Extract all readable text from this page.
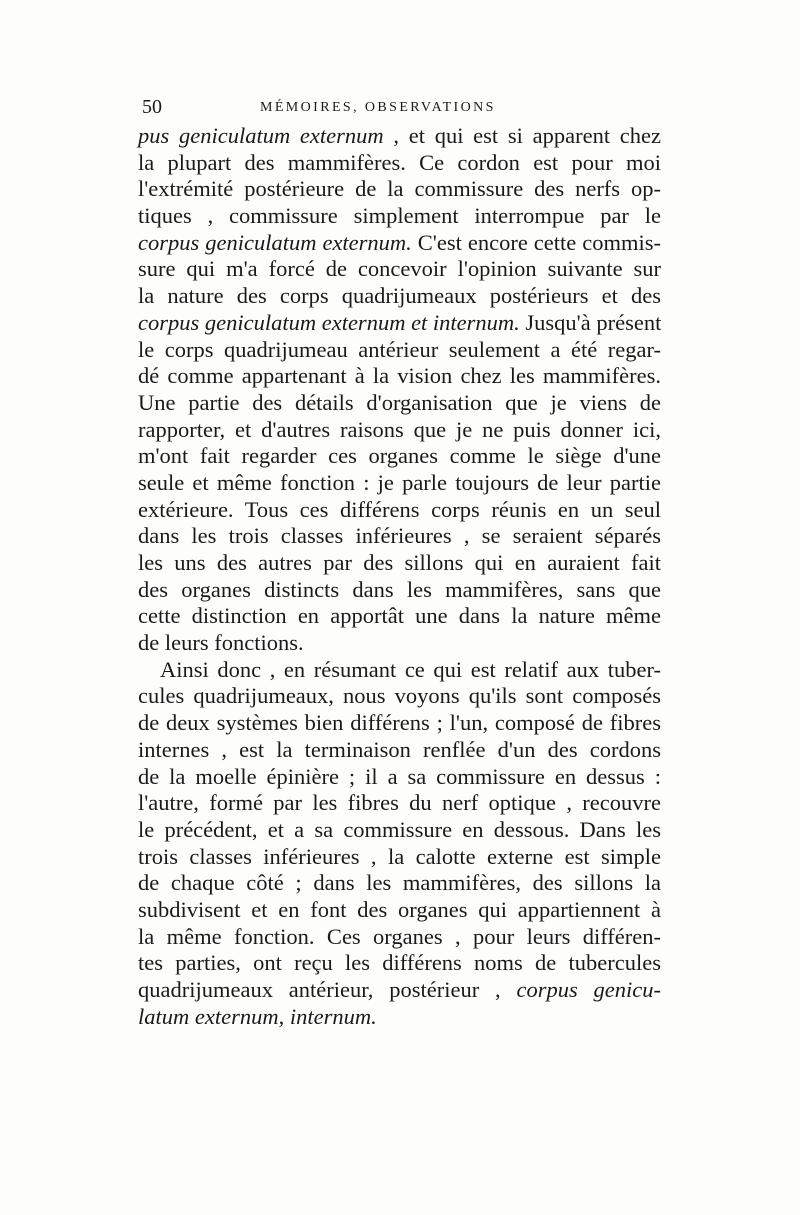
50	MÉMOIRES, OBSERVATIONS
pus geniculatum externum , et qui est si apparent chez
la plupart des mammifères. Ce cordon est pour moi
l'extrémité postérieure de la commissure des nerfs op-
tiques , commissure simplement interrompue par le
corpus geniculatum externum. C'est encore cette commis-
sure qui m'a forcé de concevoir l'opinion suivante sur
la nature des corps quadrijumeaux postérieurs et des
corpus geniculatum externum et internum. Jusqu'à présent
le corps quadrijumeau antérieur seulement a été regar-
dé comme appartenant à la vision chez les mammifères.
Une partie des détails d'organisation que je viens de
rapporter, et d'autres raisons que je ne puis donner ici,
m'ont fait regarder ces organes comme le siège d'une
seule et même fonction : je parle toujours de leur partie
extérieure. Tous ces différens corps réunis en un seul
dans les trois classes inférieures , se seraient séparés
les uns des autres par des sillons qui en auraient fait
des organes distincts dans les mammifères, sans que
cette distinction en apportât une dans la nature même
de leurs fonctions.
Ainsi donc , en résumant ce qui est relatif aux tuber-
cules quadrijumeaux, nous voyons qu'ils sont composés
de deux systèmes bien différens ; l'un, composé de fibres
internes , est la terminaison renflée d'un des cordons
de la moelle épinière ; il a sa commissure en dessus :
l'autre, formé par les fibres du nerf optique , recouvre
le précédent, et a sa commissure en dessous. Dans les
trois classes inférieures , la calotte externe est simple
de chaque côté ; dans les mammifères, des sillons la
subdivisent et en font des organes qui appartiennent à
la même fonction. Ces organes , pour leurs différen-
tes parties, ont reçu les différens noms de tubercules
quadrijumeaux antérieur, postérieur , corpus genicu-
latum externum, internum.
